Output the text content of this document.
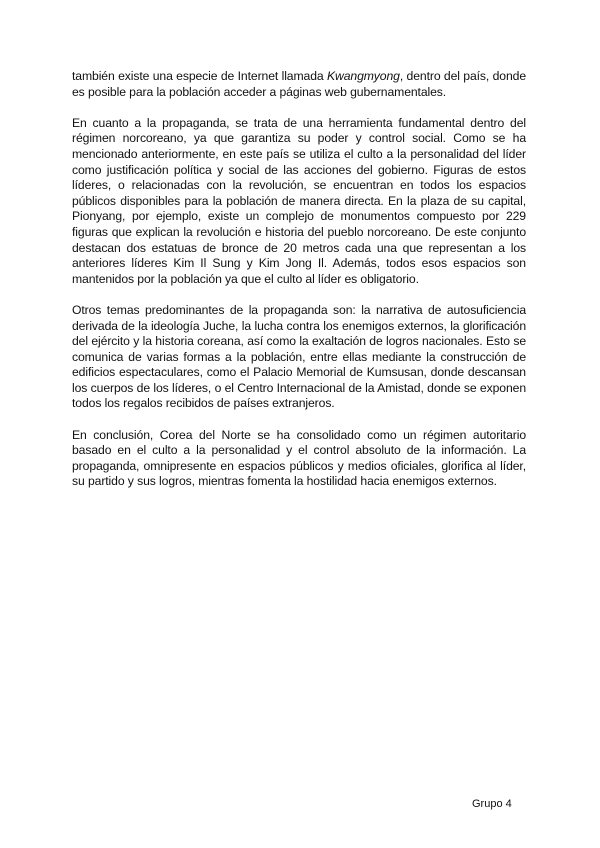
también existe una especie de Internet llamada Kwangmyong, dentro del país, donde es posible para la población acceder a páginas web gubernamentales.

En cuanto a la propaganda, se trata de una herramienta fundamental dentro del régimen norcoreano, ya que garantiza su poder y control social. Como se ha mencionado anteriormente, en este país se utiliza el culto a la personalidad del líder como justificación política y social de las acciones del gobierno. Figuras de estos líderes, o relacionadas con la revolución, se encuentran en todos los espacios públicos disponibles para la población de manera directa. En la plaza de su capital, Pionyang, por ejemplo, existe un complejo de monumentos compuesto por 229 figuras que explican la revolución e historia del pueblo norcoreano. De este conjunto destacan dos estatuas de bronce de 20 metros cada una que representan a los anteriores líderes Kim Il Sung y Kim Jong Il. Además, todos esos espacios son mantenidos por la población ya que el culto al líder es obligatorio.

Otros temas predominantes de la propaganda son: la narrativa de autosuficiencia derivada de la ideología Juche, la lucha contra los enemigos externos, la glorificación del ejército y la historia coreana, así como la exaltación de logros nacionales. Esto se comunica de varias formas a la población, entre ellas mediante la construcción de edificios espectaculares, como el Palacio Memorial de Kumsusan, donde descansan los cuerpos de los líderes, o el Centro Internacional de la Amistad, donde se exponen todos los regalos recibidos de países extranjeros.

En conclusión, Corea del Norte se ha consolidado como un régimen autoritario basado en el culto a la personalidad y el control absoluto de la información. La propaganda, omnipresente en espacios públicos y medios oficiales, glorifica al líder, su partido y sus logros, mientras fomenta la hostilidad hacia enemigos externos.

Grupo 4
